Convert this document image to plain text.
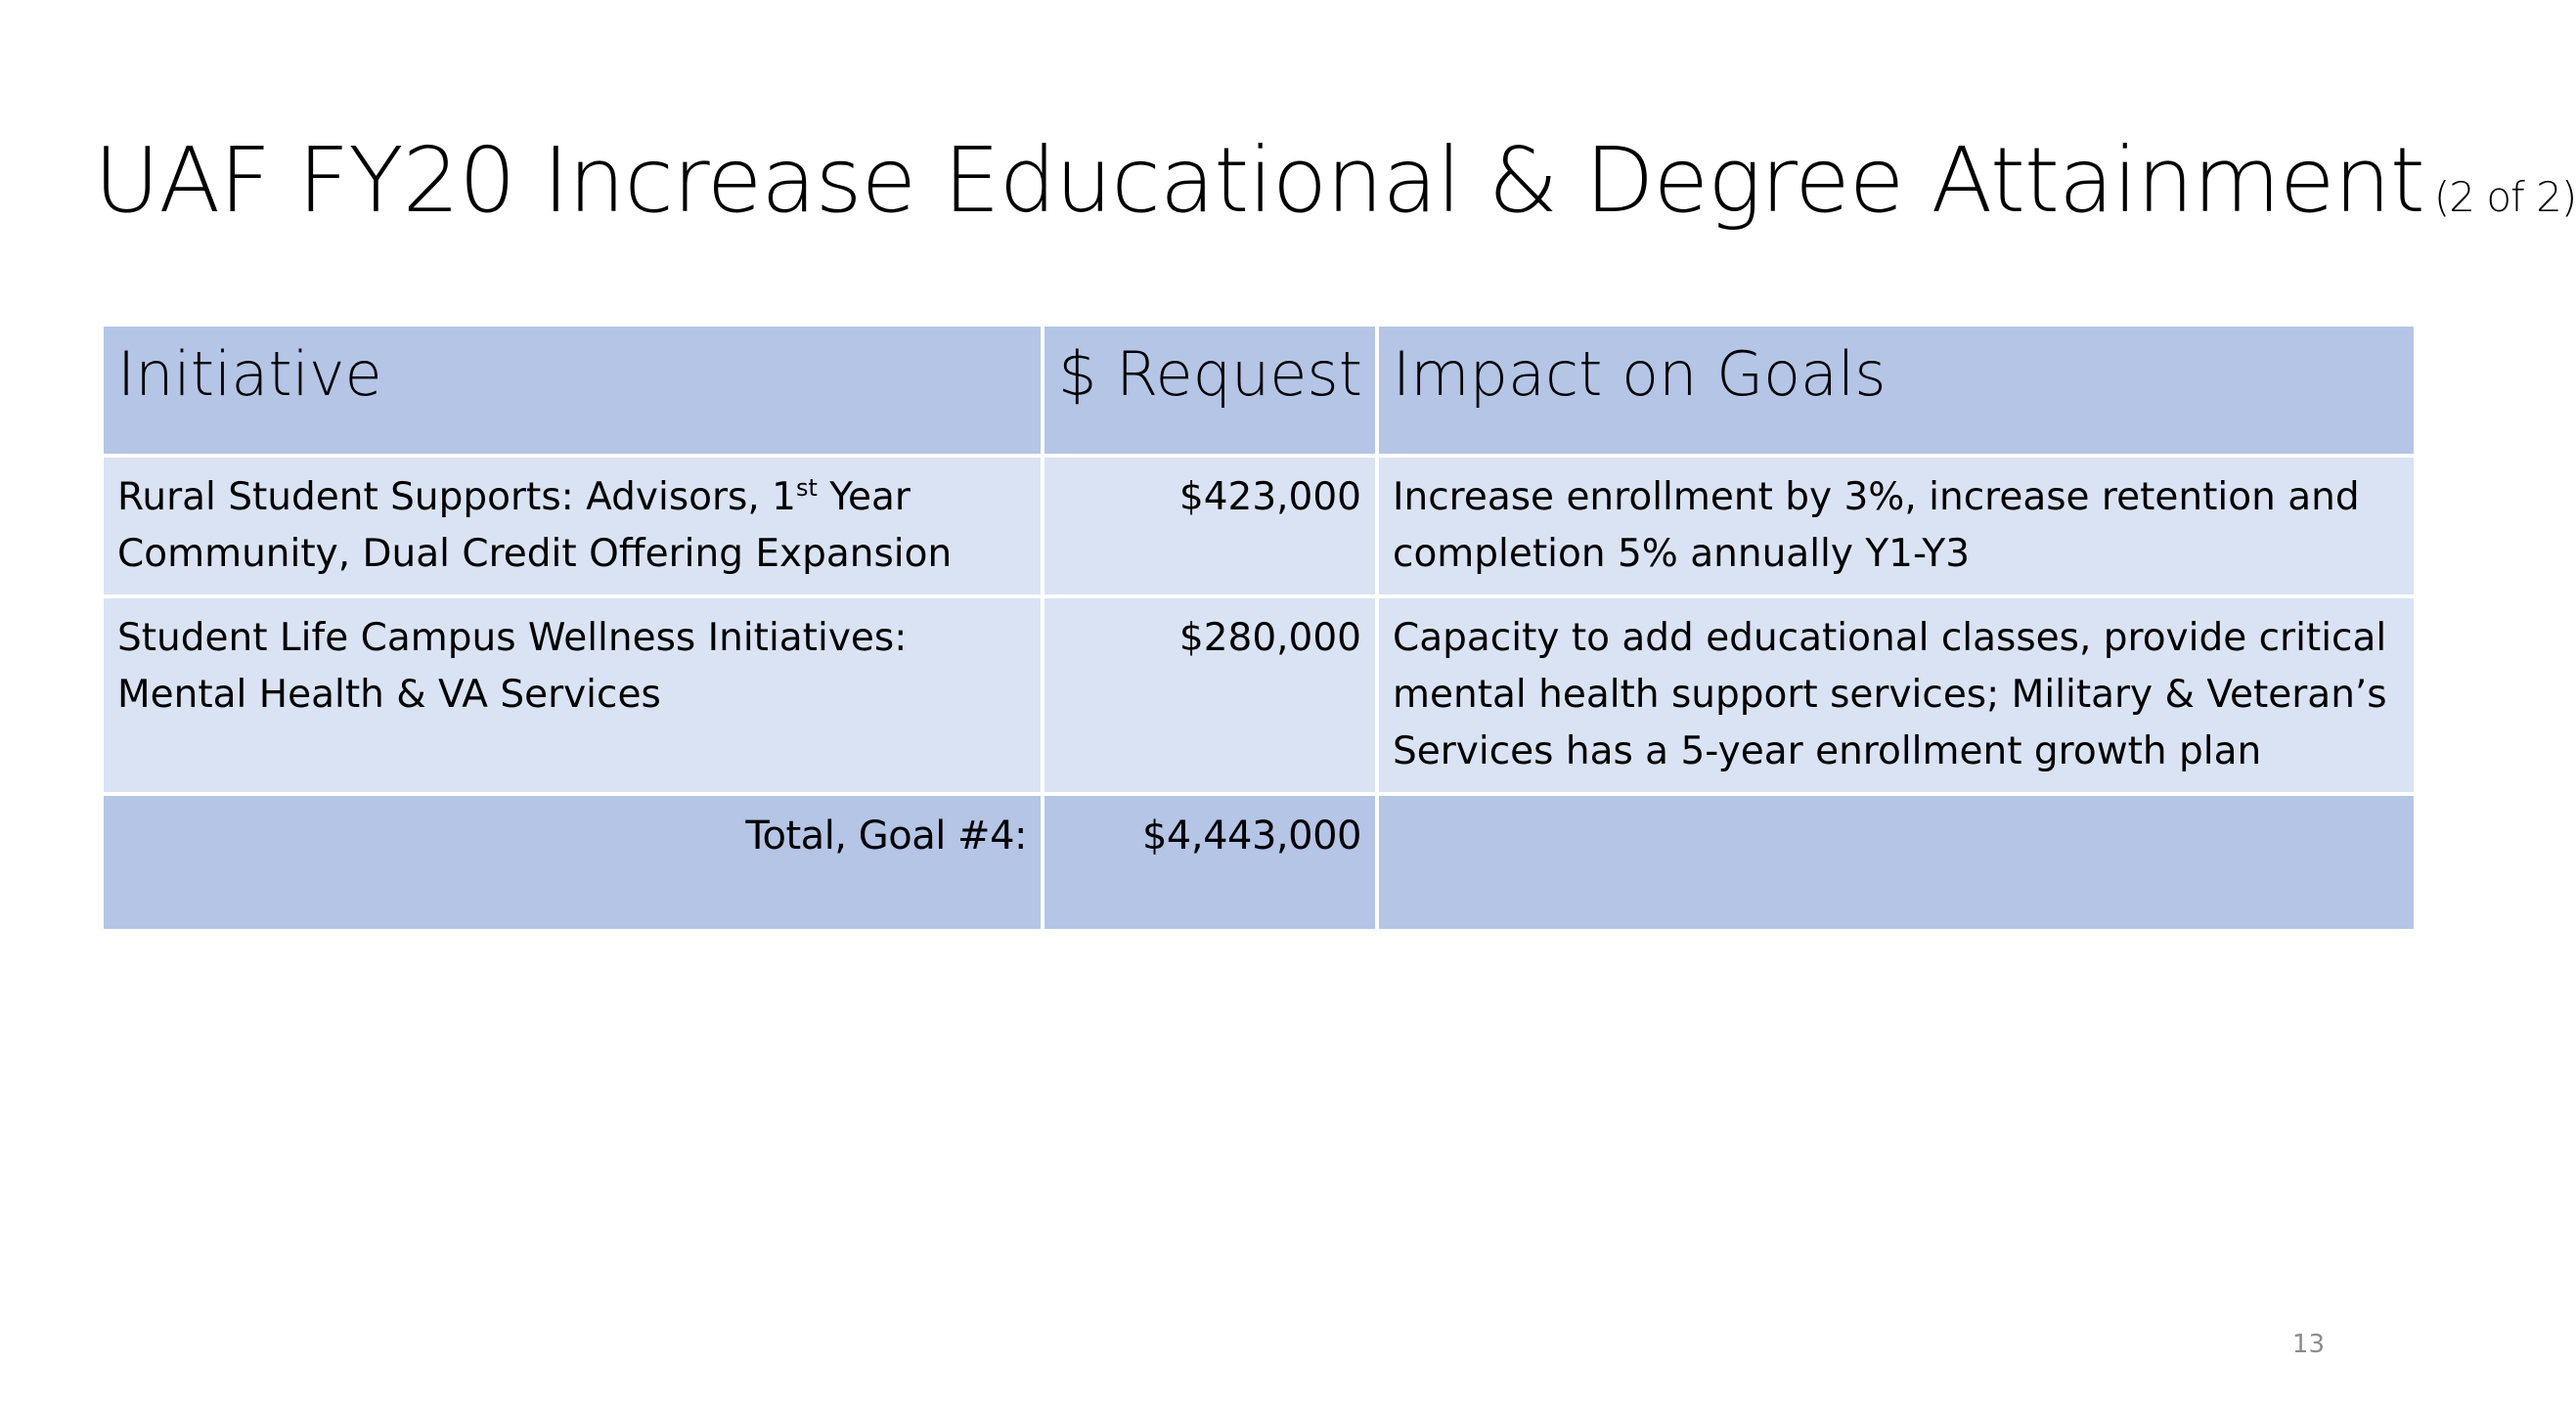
UAF FY20 Increase Educational & Degree Attainment (2 of 2)
Initiative	$ Request	Impact on Goals
Rural Student Supports: Advisors, 1st Year Community, Dual Credit Offering Expansion	$423,000	Increase enrollment by 3%, increase retention and completion 5% annually Y1-Y3
Student Life Campus Wellness Initiatives: Mental Health & VA Services	$280,000	Capacity to add educational classes, provide critical mental health support services; Military & Veteran’s Services has a 5-year enrollment growth plan
Total, Goal #4:	$4,443,000	
13
